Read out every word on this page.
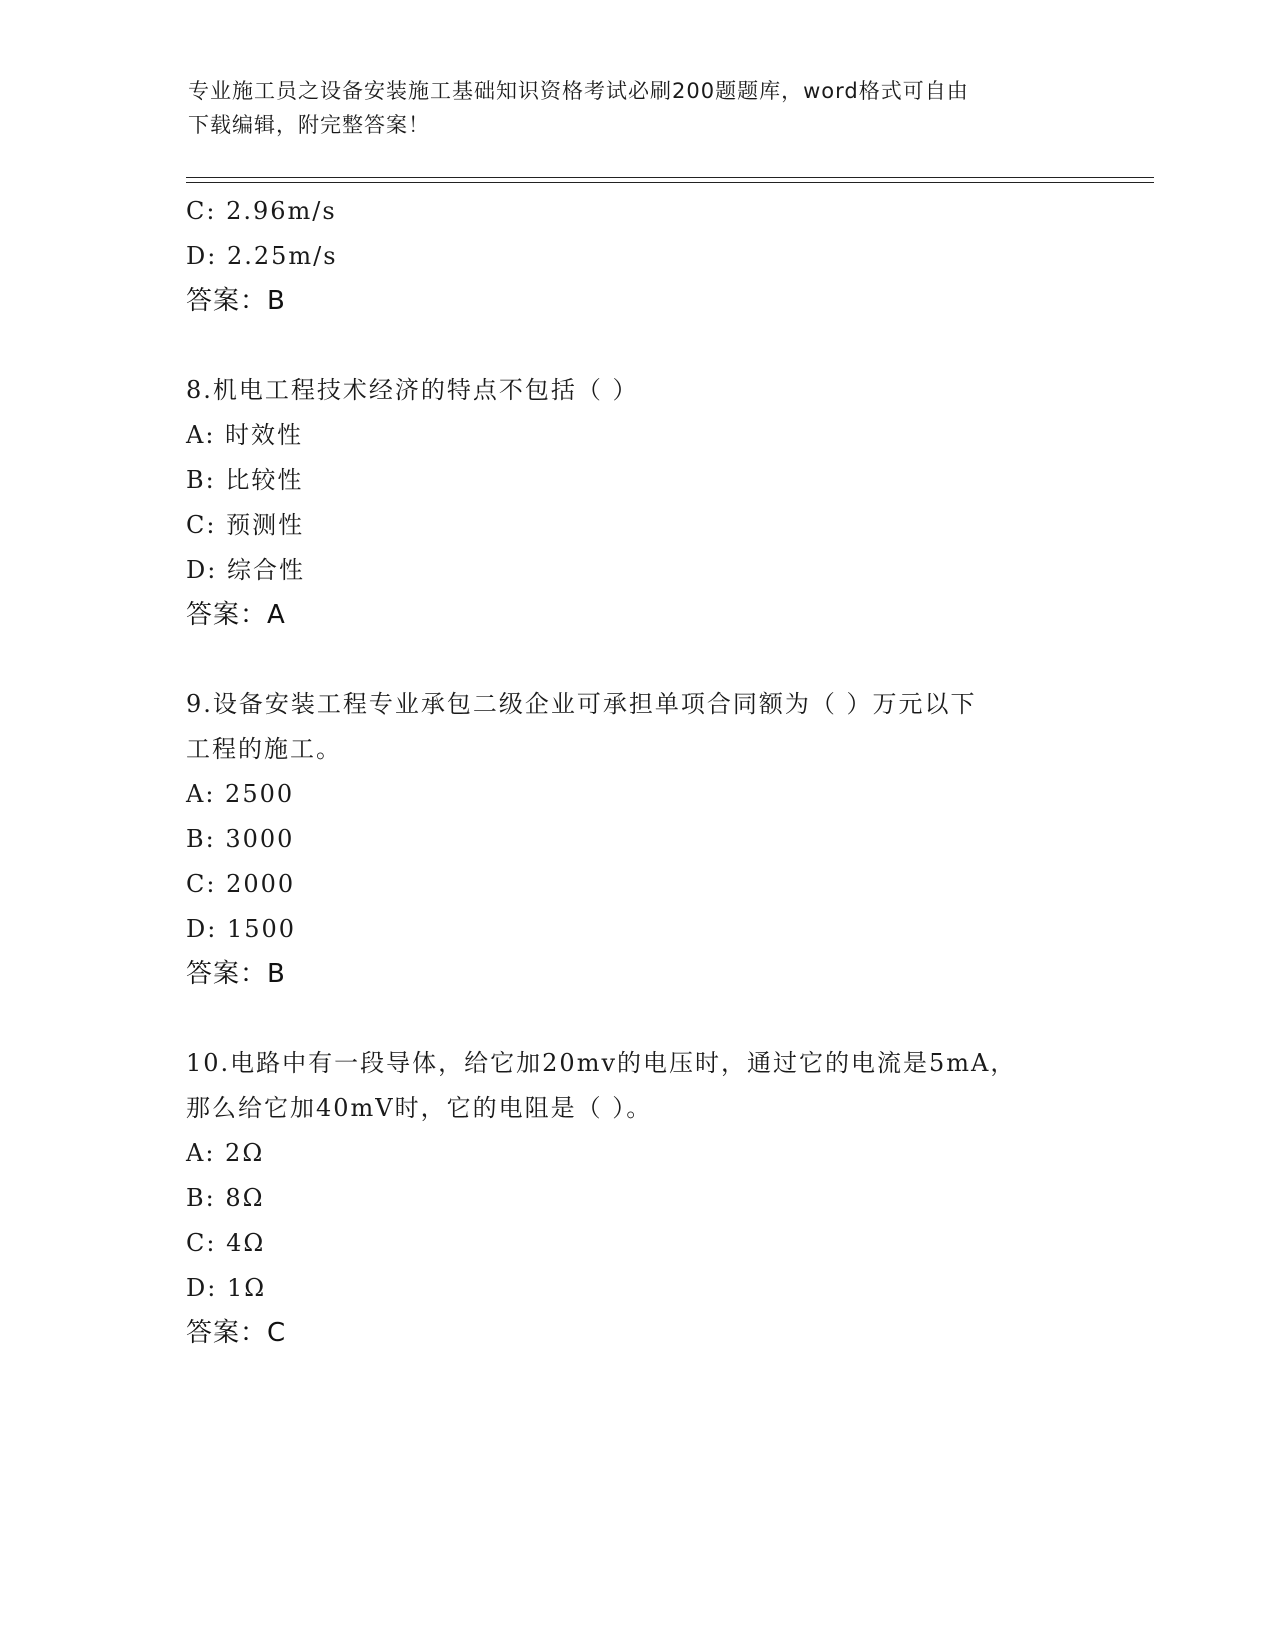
专业施工员之设备安装施工基础知识资格考试必刷200题题库，word格式可自由
下载编辑，附完整答案！
C: 2.96m/s
D: 2.25m/s
答案：B
8.机电工程技术经济的特点不包括（ ）
A: 时效性
B: 比较性
C: 预测性
D: 综合性
答案：A
9.设备安装工程专业承包二级企业可承担单项合同额为（ ）万元以下
工程的施工。
A: 2500
B: 3000
C: 2000
D: 1500
答案：B
10.电路中有一段导体，给它加20mv的电压时，通过它的电流是5mA，
那么给它加40mV时，它的电阻是（ ）。
A: 2Ω
B: 8Ω
C: 4Ω
D: 1Ω
答案：C
